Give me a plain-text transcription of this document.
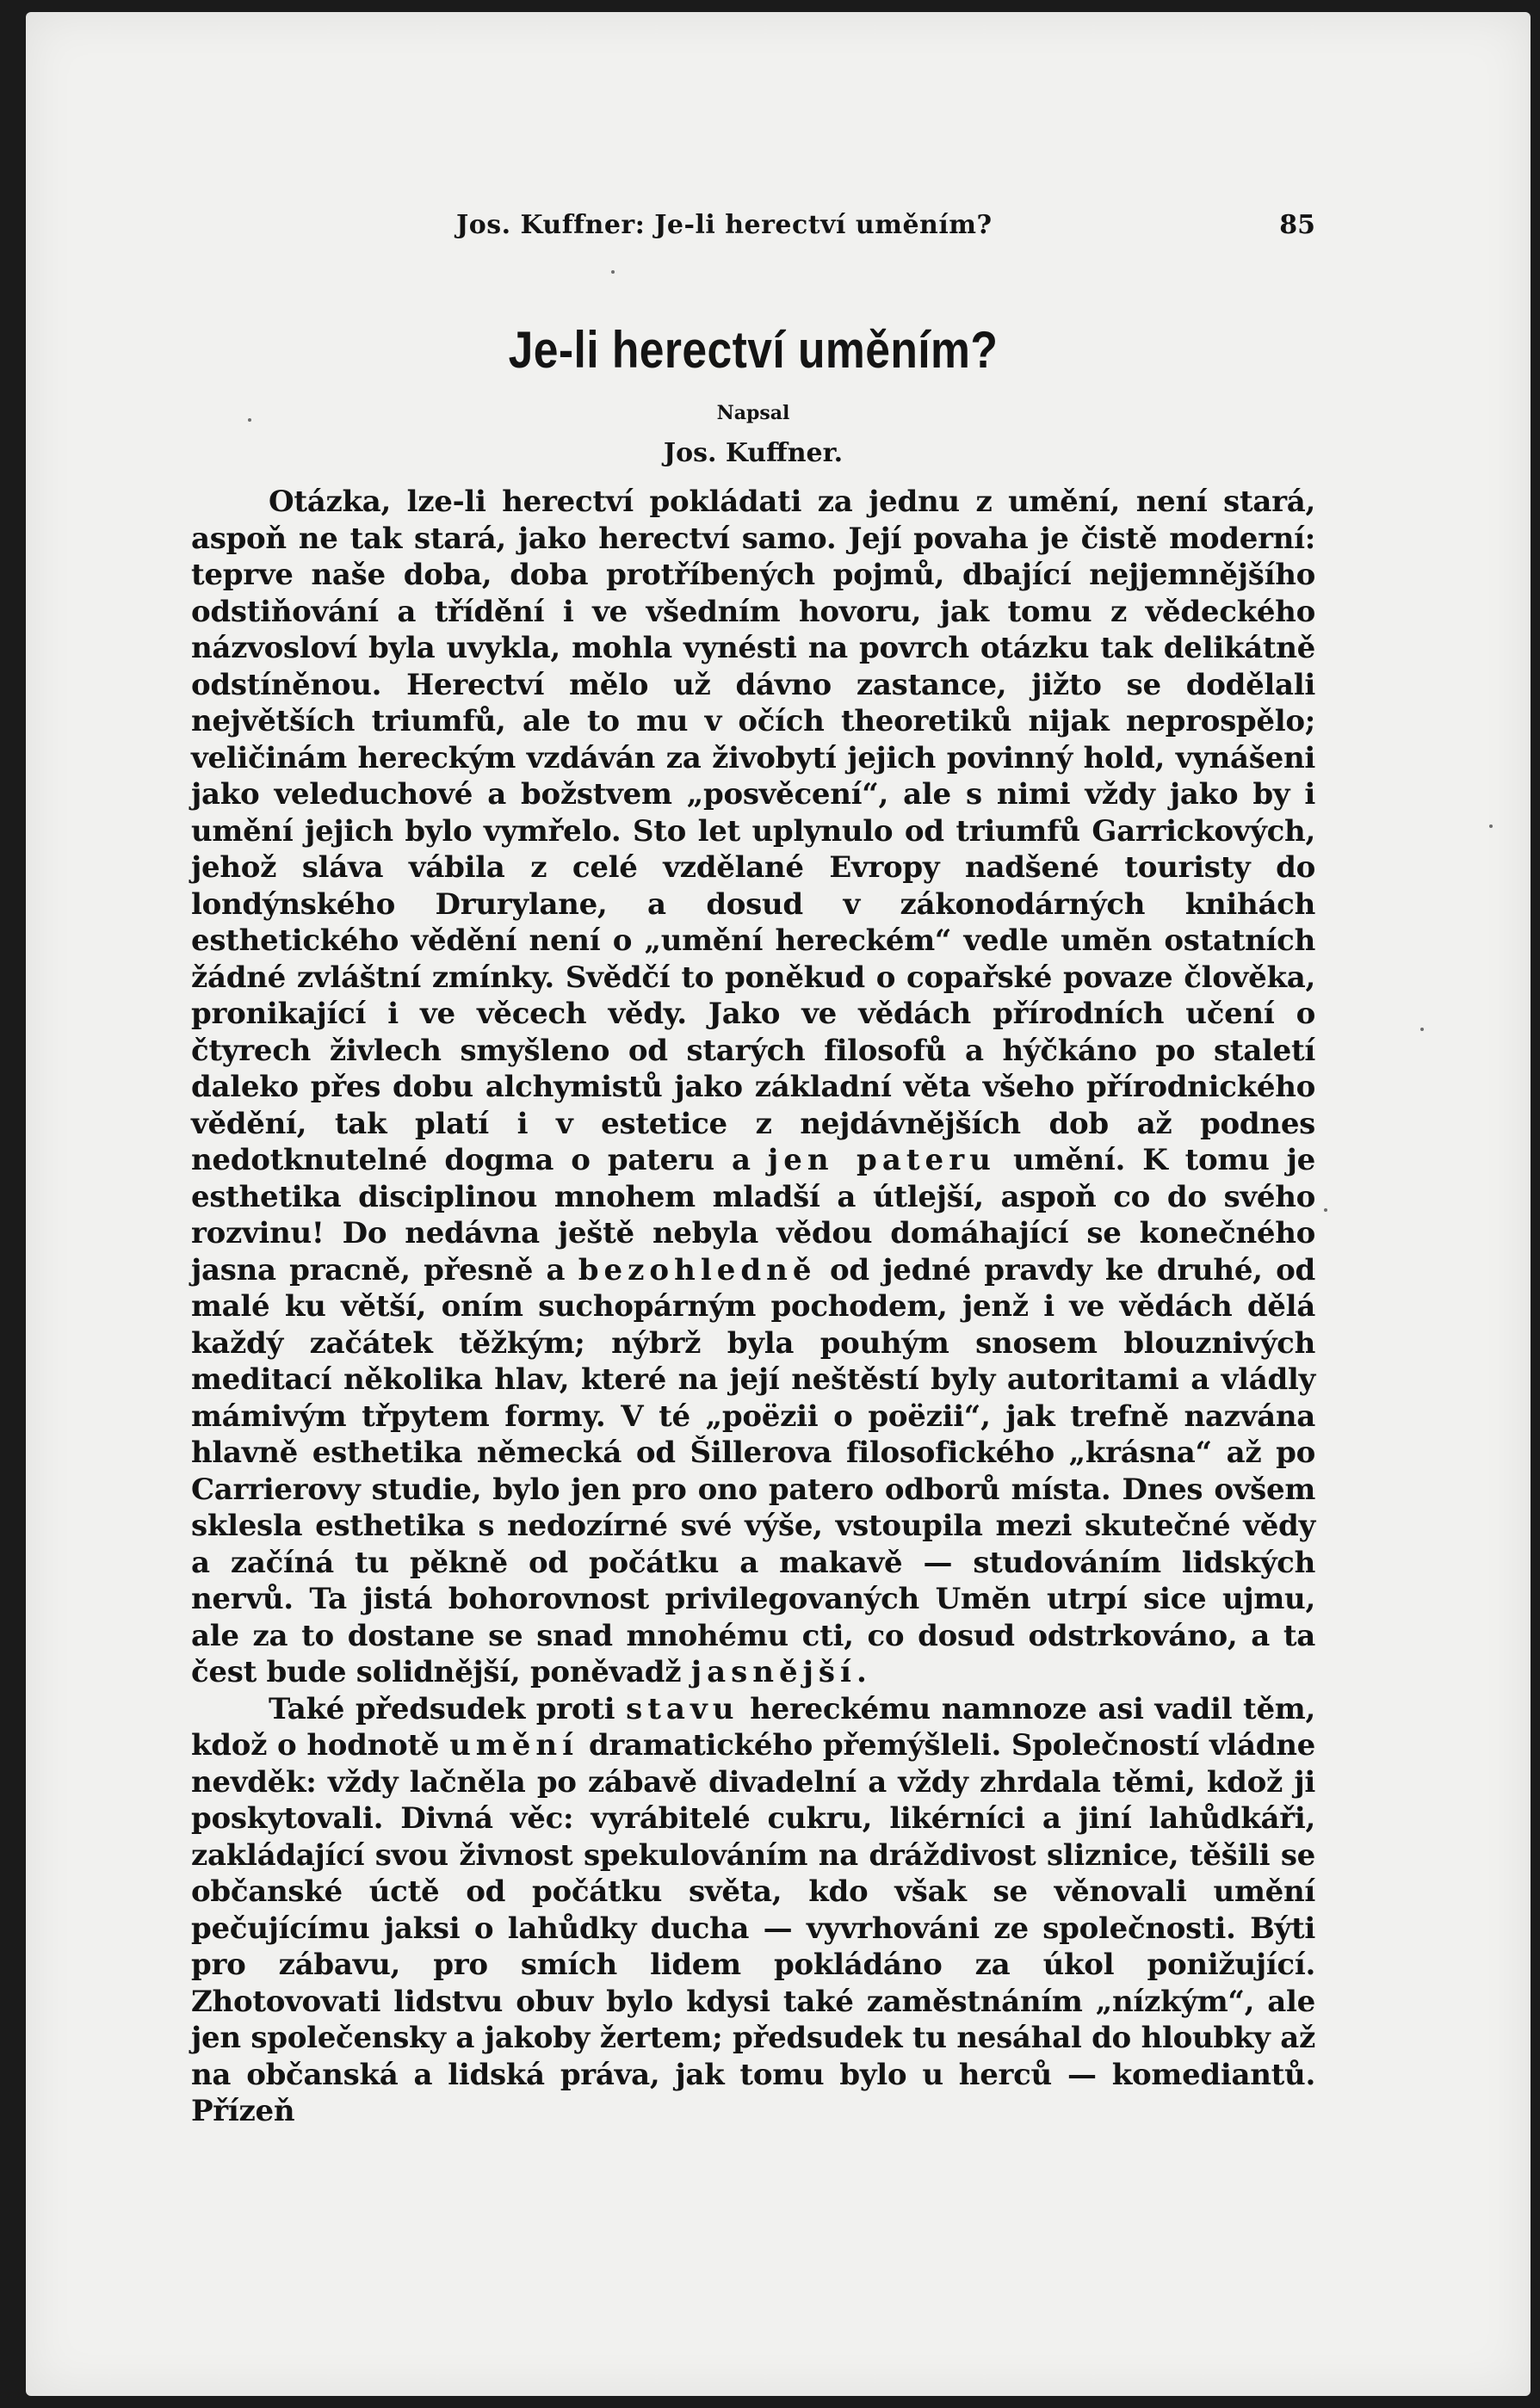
Jos. Kuffner: Je-li herectví uměním?	85
Je-li herectví uměním?
Napsal
Jos. Kuffner.

Otázka, lze-li herectví pokládati za jednu z umění, není stará, aspoň ne tak stará, jako herectví samo. Její povaha je čistě moderní: teprve naše doba, doba protříbených pojmů, dbající nejjemnějšího odstiňování a třídění i ve všedním hovoru, jak tomu z vědeckého názvosloví byla uvykla, mohla vynésti na povrch otázku tak delikátně odstíněnou. Herectví mělo už dávno zastance, jižto se dodělali největších triumfů, ale to mu v očích theoretiků nijak neprospělo; veličinám hereckým vzdáván za živobytí jejich povinný hold, vynášeni jako veleduchové a božstvem „posvěcení“, ale s nimi vždy jako by i umění jejich bylo vymřelo. Sto let uplynulo od triumfů Garrickových, jehož sláva vábila z celé vzdělané Evropy nadšené touristy do londýnského Drurylane, a dosud v zákonodárných knihách esthetického vědění není o „umění hereckém“ vedle umĕn ostatních žádné zvláštní zmínky. Svědčí to poněkud o copařské povaze člověka, pronikající i ve věcech vědy. Jako ve vědách přírodních učení o čtyrech živlech smyšleno od starých filosofů a hýčkáno po staletí daleko přes dobu alchymistů jako základní věta všeho přírodnického vědění, tak platí i v estetice z nejdávnějších dob až podnes nedotknutelné dogma o pateru a jen pateru umění. K tomu je esthetika disciplinou mnohem mladší a útlejší, aspoň co do svého rozvinu! Do nedávna ještě nebyla vědou domáhající se konečného jasna pracně, přesně a bezohledně od jedné pravdy ke druhé, od malé ku větší, oním suchopárným pochodem, jenž i ve vědách dělá každý začátek těžkým; nýbrž byla pouhým snosem blouznivých meditací několika hlav, které na její neštěstí byly autoritami a vládly mámivým třpytem formy. V té „poëzii o poëzii“, jak trefně nazvána hlavně esthetika německá od Šillerova filosofického „krásna“ až po Carrierovy studie, bylo jen pro ono patero odborů místa. Dnes ovšem sklesla esthetika s nedozírné své výše, vstoupila mezi skutečné vědy a začíná tu pěkně od počátku a makavě — studováním lidských nervů. Ta jistá bohorovnost privilegovaných Umĕn utrpí sice ujmu, ale za to dostane se snad mnohému cti, co dosud odstrkováno, a ta čest bude solidnější, poněvadž jasnější.

Také předsudek proti stavu hereckému namnoze asi vadil těm, kdož o hodnotě umění dramatického přemýšleli. Společností vládne nevděk: vždy lačněla po zábavě divadelní a vždy zhrdala těmi, kdož ji poskytovali. Divná věc: vyrábitelé cukru, likérníci a jiní lahůdkáři, zakládající svou živnost spekulováním na dráždivost sliznice, těšili se občanské úctě od počátku světa, kdo však se věnovali umění pečujícímu jaksi o lahůdky ducha — vyvrhováni ze společnosti. Býti pro zábavu, pro smích lidem pokládáno za úkol ponižující. Zhotovovati lidstvu obuv bylo kdysi také zaměstnáním „nízkým“, ale jen společensky a jakoby žertem; předsudek tu nesáhal do hloubky až na občanská a lidská práva, jak tomu bylo u herců — komediantů. Přízeň
